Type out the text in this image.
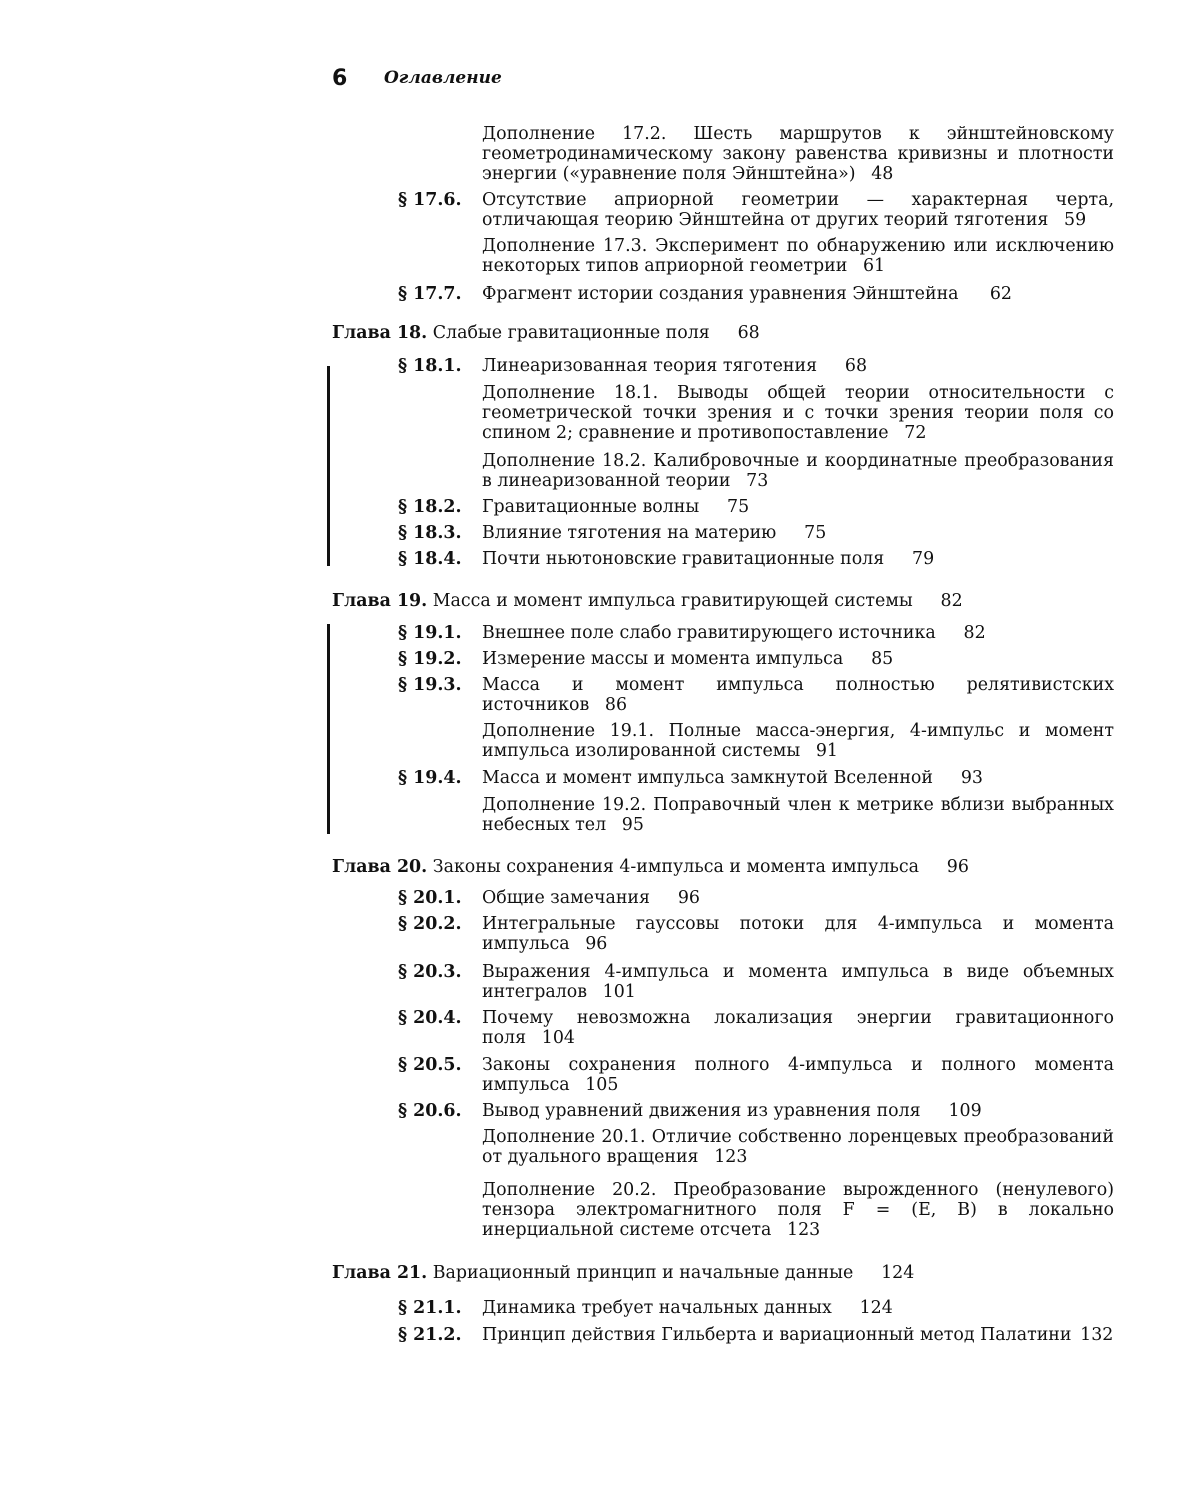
6 Оглавление
Дополнение 17.2. Шесть маршрутов к эйнштейновскому геометродинамическому закону равенства кривизны и плотности энергии («уравнение поля Эйнштейна») 48
§ 17.6. Отсутствие априорной геометрии — характерная черта, отличающая теорию Эйнштейна от других теорий тяготения 59
Дополнение 17.3. Эксперимент по обнаружению или исключению некоторых типов априорной геометрии 61
§ 17.7. Фрагмент истории создания уравнения Эйнштейна 62
Глава 18. Слабые гравитационные поля 68
§ 18.1. Линеаризованная теория тяготения 68
Дополнение 18.1. Выводы общей теории относительности с геометрической точки зрения и с точки зрения теории поля со спином 2; сравнение и противопоставление 72
Дополнение 18.2. Калибровочные и координатные преобразования в линеаризованной теории 73
§ 18.2. Гравитационные волны 75
§ 18.3. Влияние тяготения на материю 75
§ 18.4. Почти ньютоновские гравитационные поля 79
Глава 19. Масса и момент импульса гравитирующей системы 82
§ 19.1. Внешнее поле слабо гравитирующего источника 82
§ 19.2. Измерение массы и момента импульса 85
§ 19.3. Масса и момент импульса полностью релятивистских источников 86
Дополнение 19.1. Полные масса-энергия, 4-импульс и момент импульса изолированной системы 91
§ 19.4. Масса и момент импульса замкнутой Вселенной 93
Дополнение 19.2. Поправочный член к метрике вблизи выбранных небесных тел 95
Глава 20. Законы сохранения 4-импульса и момента импульса 96
§ 20.1. Общие замечания 96
§ 20.2. Интегральные гауссовы потоки для 4-импульса и момента импульса 96
§ 20.3. Выражения 4-импульса и момента импульса в виде объемных интегралов 101
§ 20.4. Почему невозможна локализация энергии гравитационного поля 104
§ 20.5. Законы сохранения полного 4-импульса и полного момента импульса 105
§ 20.6. Вывод уравнений движения из уравнения поля 109
Дополнение 20.1. Отличие собственно лоренцевых преобразований от дуального вращения 123
Дополнение 20.2. Преобразование вырожденного (ненулевого) тензора электромагнитного поля F = (E, B) в локально инерциальной системе отсчета 123
Глава 21. Вариационный принцип и начальные данные 124
§ 21.1. Динамика требует начальных данных 124
§ 21.2. Принцип действия Гильберта и вариационный метод Палатини 132
